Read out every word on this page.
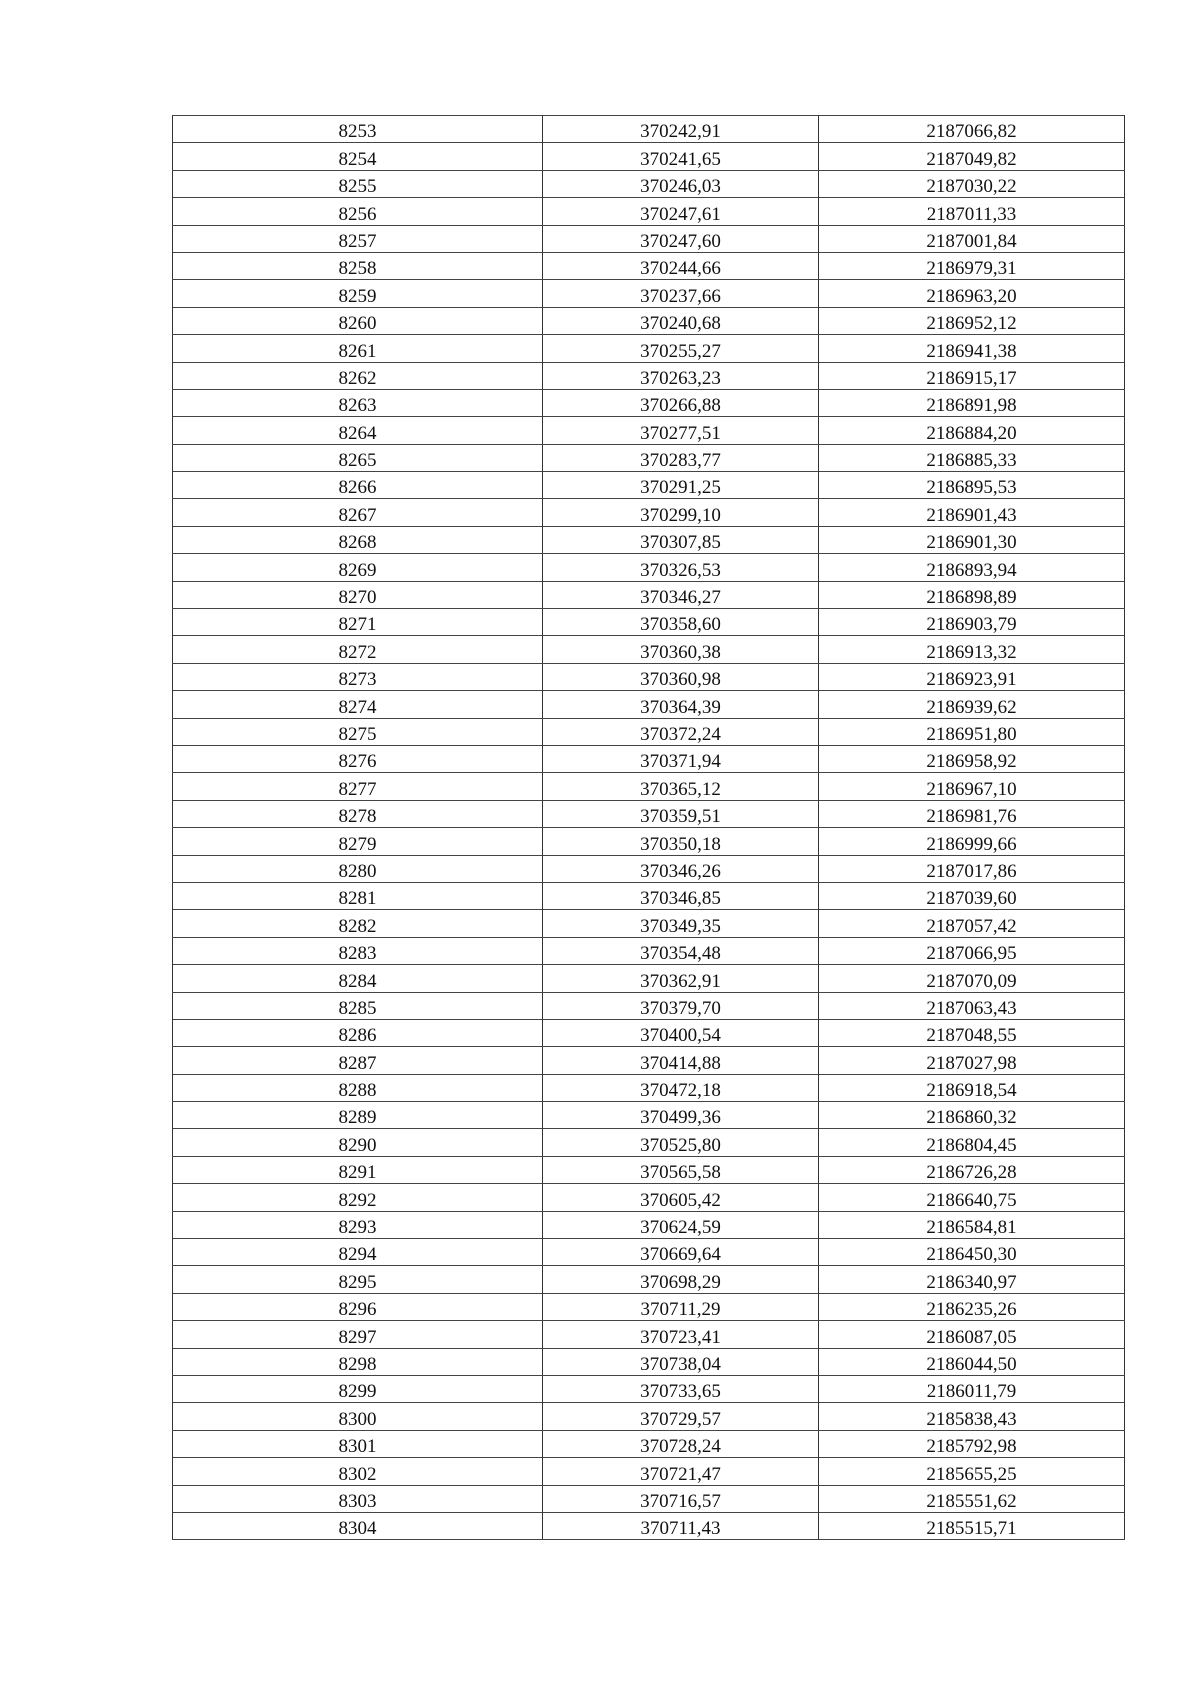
8253	370242,91	2187066,82
8254	370241,65	2187049,82
8255	370246,03	2187030,22
8256	370247,61	2187011,33
8257	370247,60	2187001,84
8258	370244,66	2186979,31
8259	370237,66	2186963,20
8260	370240,68	2186952,12
8261	370255,27	2186941,38
8262	370263,23	2186915,17
8263	370266,88	2186891,98
8264	370277,51	2186884,20
8265	370283,77	2186885,33
8266	370291,25	2186895,53
8267	370299,10	2186901,43
8268	370307,85	2186901,30
8269	370326,53	2186893,94
8270	370346,27	2186898,89
8271	370358,60	2186903,79
8272	370360,38	2186913,32
8273	370360,98	2186923,91
8274	370364,39	2186939,62
8275	370372,24	2186951,80
8276	370371,94	2186958,92
8277	370365,12	2186967,10
8278	370359,51	2186981,76
8279	370350,18	2186999,66
8280	370346,26	2187017,86
8281	370346,85	2187039,60
8282	370349,35	2187057,42
8283	370354,48	2187066,95
8284	370362,91	2187070,09
8285	370379,70	2187063,43
8286	370400,54	2187048,55
8287	370414,88	2187027,98
8288	370472,18	2186918,54
8289	370499,36	2186860,32
8290	370525,80	2186804,45
8291	370565,58	2186726,28
8292	370605,42	2186640,75
8293	370624,59	2186584,81
8294	370669,64	2186450,30
8295	370698,29	2186340,97
8296	370711,29	2186235,26
8297	370723,41	2186087,05
8298	370738,04	2186044,50
8299	370733,65	2186011,79
8300	370729,57	2185838,43
8301	370728,24	2185792,98
8302	370721,47	2185655,25
8303	370716,57	2185551,62
8304	370711,43	2185515,71
